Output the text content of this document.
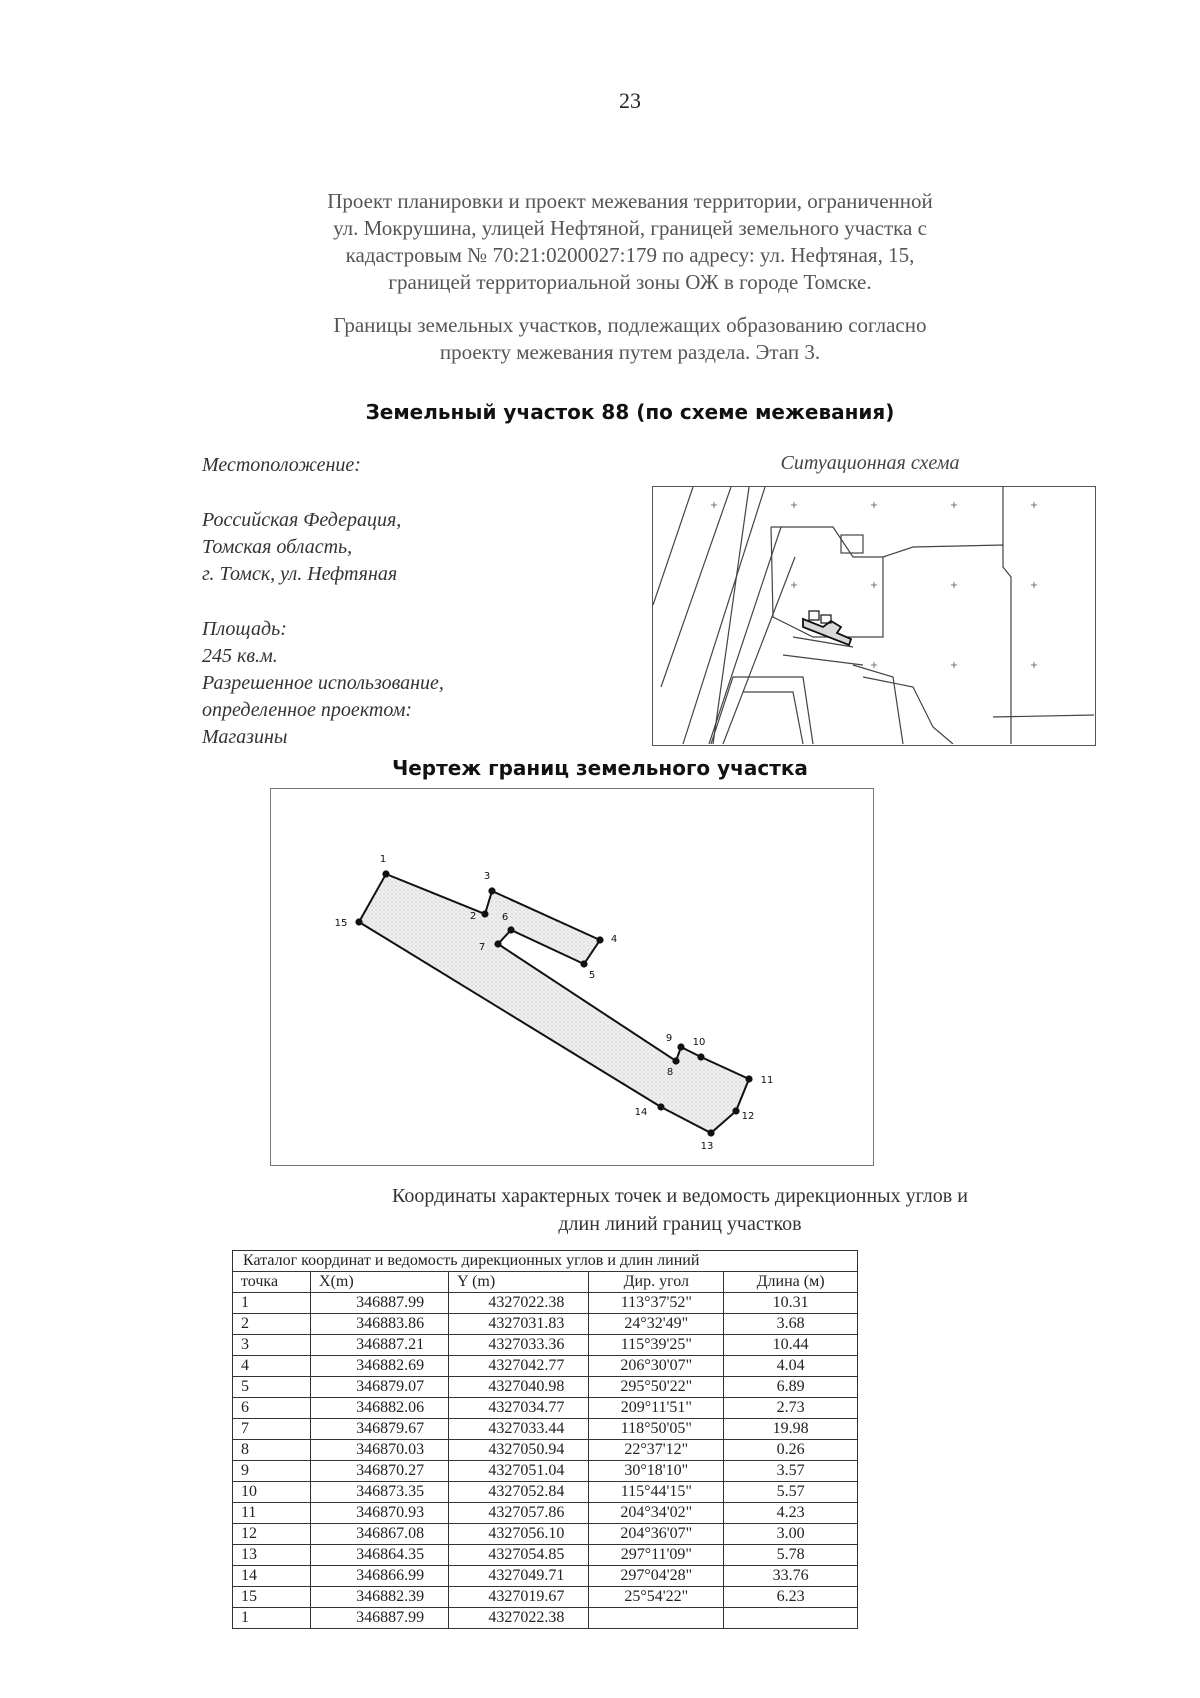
23
Проект планировки и проект межевания территории, ограниченной
ул. Мокрушина, улицей Нефтяной, границей земельного участка с
кадастровым № 70:21:0200027:179 по адресу: ул. Нефтяная, 15,
границей территориальной зоны ОЖ в городе Томске.
Границы земельных участков, подлежащих образованию согласно
проекту межевания путем раздела. Этап 3.
Земельный участок 88 (по схеме межевания)
Местоположение:
Российская Федерация,
Томская область,
г. Томск, ул. Нефтяная
Площадь:
245 кв.м.
Разрешенное использование,
определенное проектом:
Магазины
Ситуационная схема
Чертеж границ земельного участка
1
2
3
4
5
6
7
8
9 10
11
12
13
14
15
Координаты характерных точек и ведомость дирекционных углов и
длин линий границ участков
Каталог координат и ведомость дирекционных углов и длин линий				
точка	X(m)	Y (m)	Дир. угол	Длина (м)
1	346887.99	4327022.38	113°37'52"	10.31
2	346883.86	4327031.83	24°32'49"	3.68
3	346887.21	4327033.36	115°39'25"	10.44
4	346882.69	4327042.77	206°30'07"	4.04
5	346879.07	4327040.98	295°50'22"	6.89
6	346882.06	4327034.77	209°11'51"	2.73
7	346879.67	4327033.44	118°50'05"	19.98
8	346870.03	4327050.94	22°37'12"	0.26
9	346870.27	4327051.04	30°18'10"	3.57
10	346873.35	4327052.84	115°44'15"	5.57
11	346870.93	4327057.86	204°34'02"	4.23
12	346867.08	4327056.10	204°36'07"	3.00
13	346864.35	4327054.85	297°11'09"	5.78
14	346866.99	4327049.71	297°04'28"	33.76
15	346882.39	4327019.67	25°54'22"	6.23
1	346887.99	4327022.38		
